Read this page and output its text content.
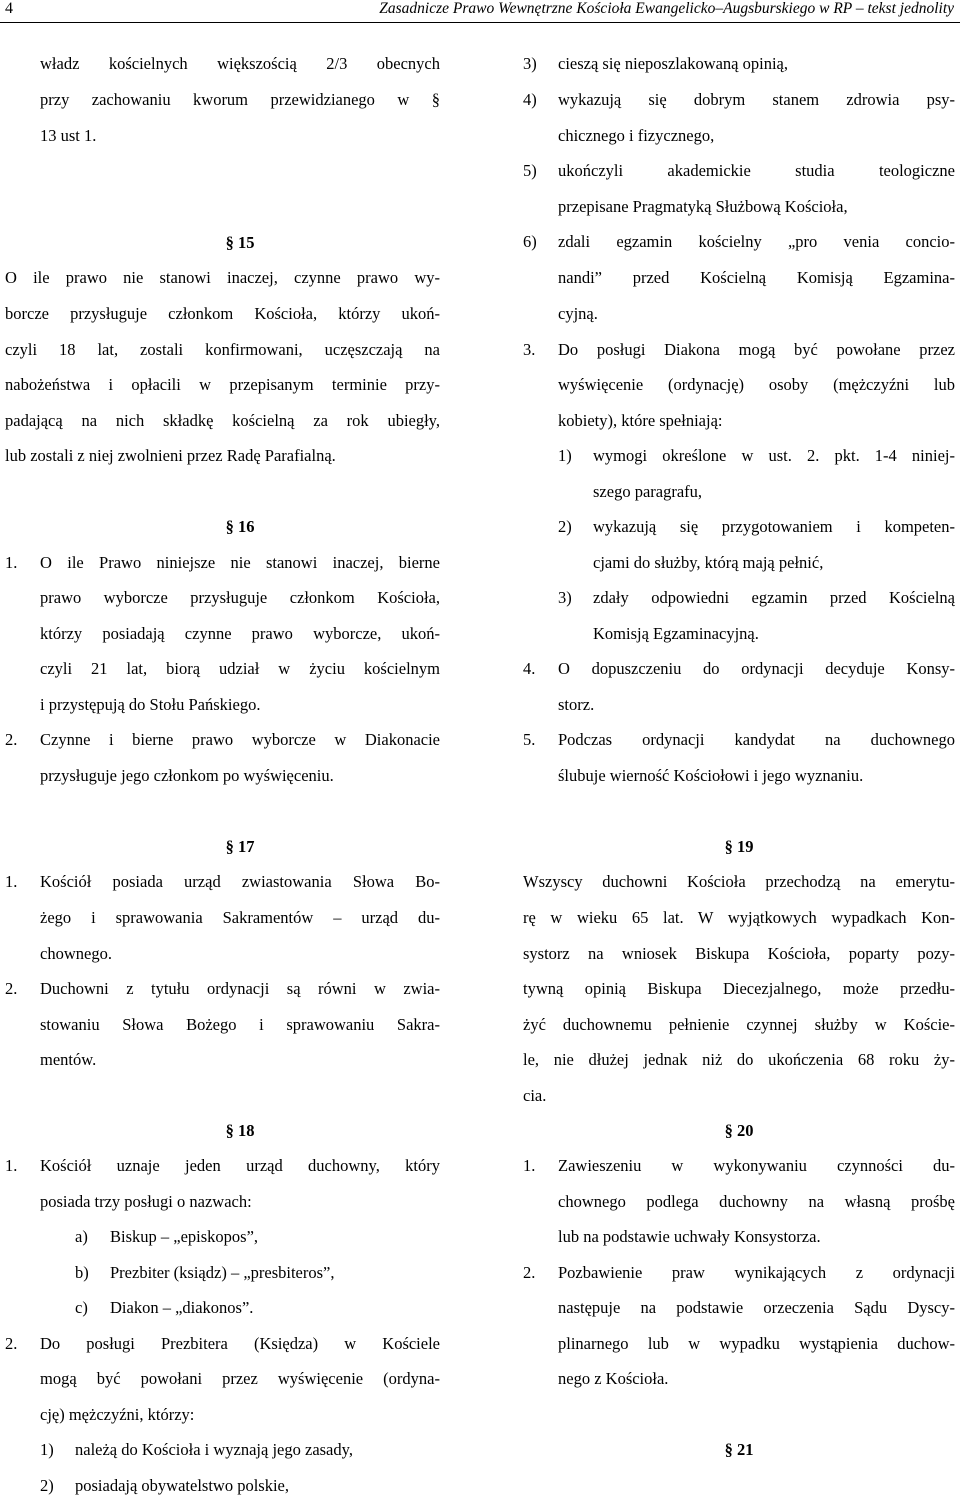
4	Zasadnicze Prawo Wewnętrzne Kościoła Ewangelicko–Augsburskiego w RP – tekst jednolity
władz kościelnych większością 2/3 obecnych
przy zachowaniu kworum przewidzianego w §
13 ust 1.
§ 15
O ile prawo nie stanowi inaczej, czynne prawo wy-
borcze przysługuje członkom Kościoła, którzy ukoń-
czyli 18 lat, zostali konfirmowani, uczęszczają na
nabożeństwa i opłacili w przepisanym terminie przy-
padającą na nich składkę kościelną za rok ubiegły,
lub zostali z niej zwolnieni przez Radę Parafialną.
§ 16
1.	O ile Prawo niniejsze nie stanowi inaczej, bierne
prawo wyborcze przysługuje członkom Kościoła,
którzy posiadają czynne prawo wyborcze, ukoń-
czyli 21 lat, biorą udział w życiu kościelnym
i przystępują do Stołu Pańskiego.
2.	Czynne i bierne prawo wyborcze w Diakonacie
przysługuje jego członkom po wyświęceniu.
§ 17
1.	Kościół posiada urząd zwiastowania Słowa Bo-
żego i sprawowania Sakramentów – urząd du-
chownego.
2.	Duchowni z tytułu ordynacji są równi w zwia-
stowaniu Słowa Bożego i sprawowaniu Sakra-
mentów.
§ 18
1.	Kościół uznaje jeden urząd duchowny, który
posiada trzy posługi o nazwach:
a) Biskup – „episkopos”,
b) Prezbiter (ksiądz) – „presbiteros”,
c) Diakon – „diakonos”.
2.	Do posługi Prezbitera (Księdza) w Kościele
mogą być powołani przez wyświęcenie (ordyna-
cję) mężczyźni, którzy:
1) należą do Kościoła i wyznają jego zasady,
2) posiadają obywatelstwo polskie,
3) cieszą się nieposzlakowaną opinią,
4) wykazują się dobrym stanem zdrowia psy-
chicznego i fizycznego,
5)	ukończyli akademickie studia teologiczne
przepisane Pragmatyką Służbową Kościoła,
6)	zdali egzamin kościelny „pro venia concio-
nandi” przed Kościelną Komisją Egzamina-
cyjną.
3.	Do posługi Diakona mogą być powołane przez
wyświęcenie (ordynację) osoby (mężczyźni lub
kobiety), które spełniają:
1)	wymogi określone w ust. 2. pkt. 1-4 niniej-
szego paragrafu,
2)	wykazują się przygotowaniem i kompeten-
cjami do służby, którą mają pełnić,
3)	zdały odpowiedni egzamin przed Kościelną
Komisją Egzaminacyjną.
4.	O dopuszczeniu do ordynacji decyduje Konsy-
storz.
5.	Podczas ordynacji kandydat na duchownego
ślubuje wierność Kościołowi i jego wyznaniu.
§ 19
Wszyscy duchowni Kościoła przechodzą na emerytu-
rę w wieku 65 lat. W wyjątkowych wypadkach Kon-
systorz na wniosek Biskupa Kościoła, poparty pozy-
tywną opinią Biskupa Diecezjalnego, może przedłu-
żyć duchownemu pełnienie czynnej służby w Koście-
le, nie dłużej jednak niż do ukończenia 68 roku ży-
cia.
§ 20
1.	Zawieszeniu w wykonywaniu czynności du-
chownego podlega duchowny na własną prośbę
lub na podstawie uchwały Konsystorza.
2.	Pozbawienie praw wynikających z ordynacji
następuje na podstawie orzeczenia Sądu Dyscy-
plinarnego lub w wypadku wystąpienia duchow-
nego z Kościoła.
§ 21
